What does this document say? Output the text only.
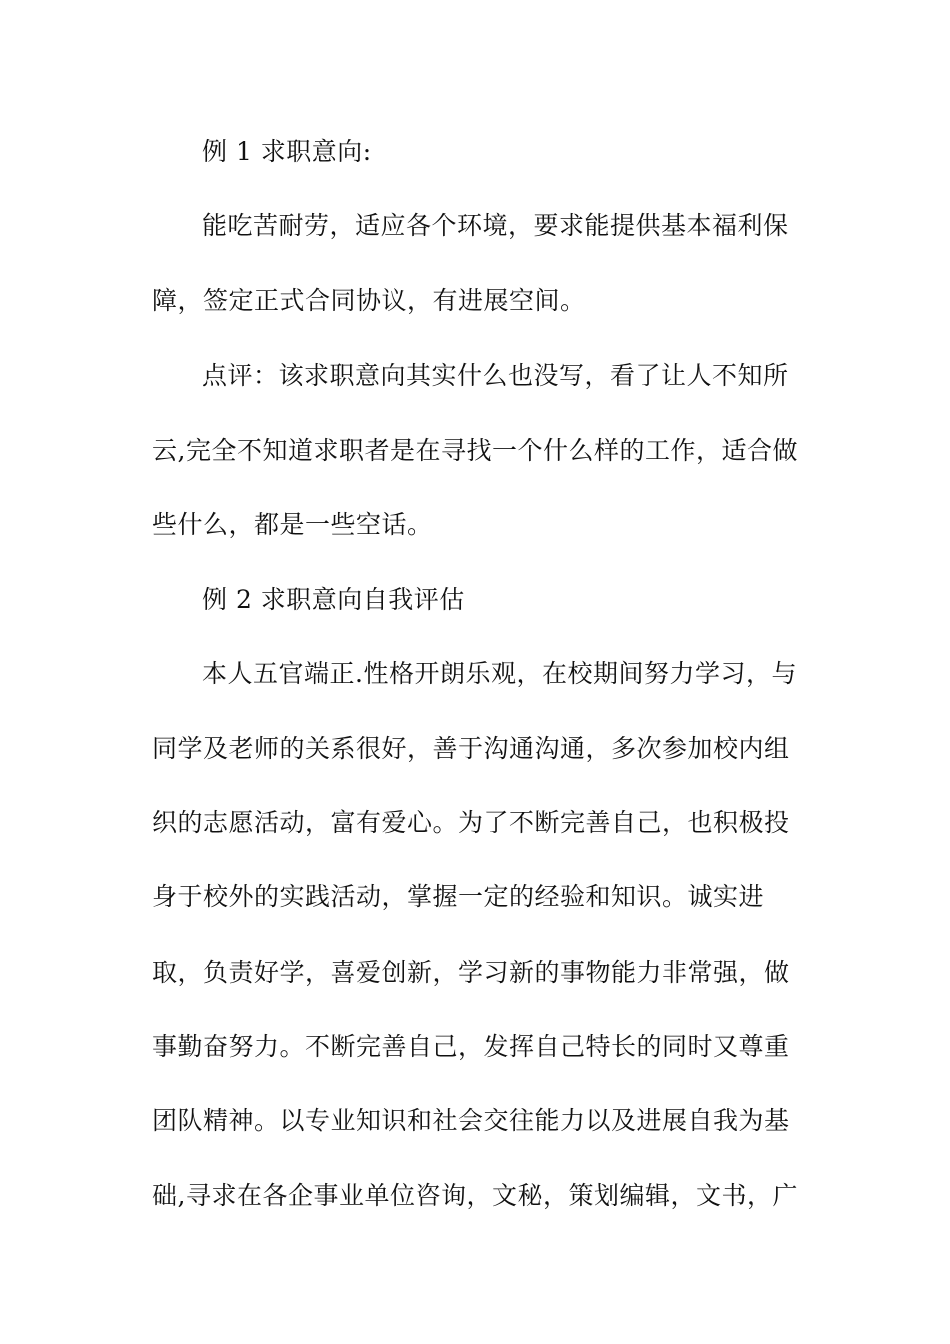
例 1 求职意向:
能吃苦耐劳，适应各个环境，要求能提供基本福利保
障，签定正式合同协议，有进展空间。
点评：该求职意向其实什么也没写，看了让人不知所
云,完全不知道求职者是在寻找一个什么样的工作，适合做
些什么，都是一些空话。
例 2 求职意向自我评估
本人五官端正.性格开朗乐观，在校期间努力学习，与
同学及老师的关系很好，善于沟通沟通，多次参加校内组
织的志愿活动，富有爱心。为了不断完善自己，也积极投
身于校外的实践活动，掌握一定的经验和知识。诚实进
取，负责好学，喜爱创新，学习新的事物能力非常强，做
事勤奋努力。不断完善自己，发挥自己特长的同时又尊重
团队精神。以专业知识和社会交往能力以及进展自我为基
础,寻求在各企事业单位咨询，文秘，策划编辑，文书，广
